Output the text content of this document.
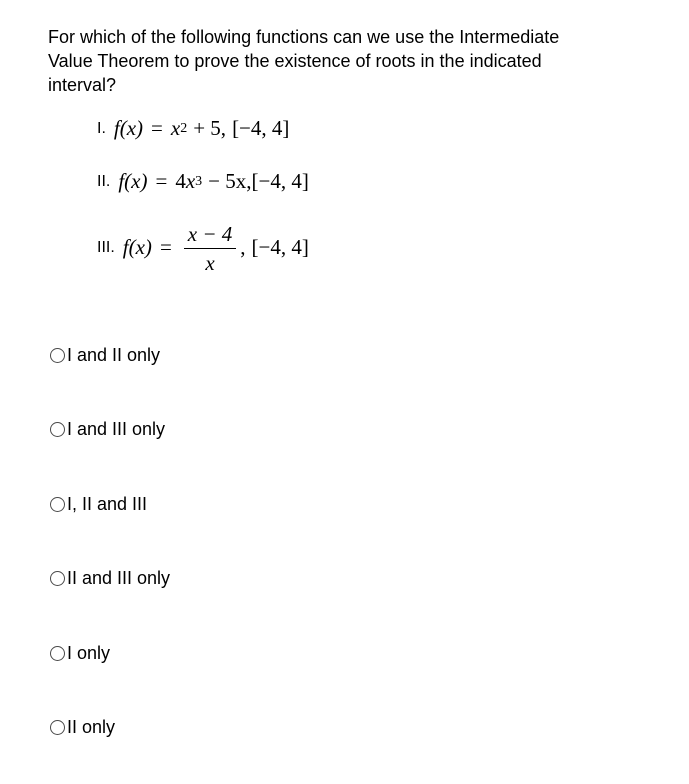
For which of the following functions can we use the Intermediate Value Theorem to prove the existence of roots in the indicated interval?
I. f(x) = x 2 + 5, [−4, 4]
II. f(x) = 4 x 3 − 5x, [−4, 4]
III. $f(x) = \frac{x - 4}{x}$ , [−4, 4]
I and II only
I and III only
I, II and III
II and III only
I only
II only
